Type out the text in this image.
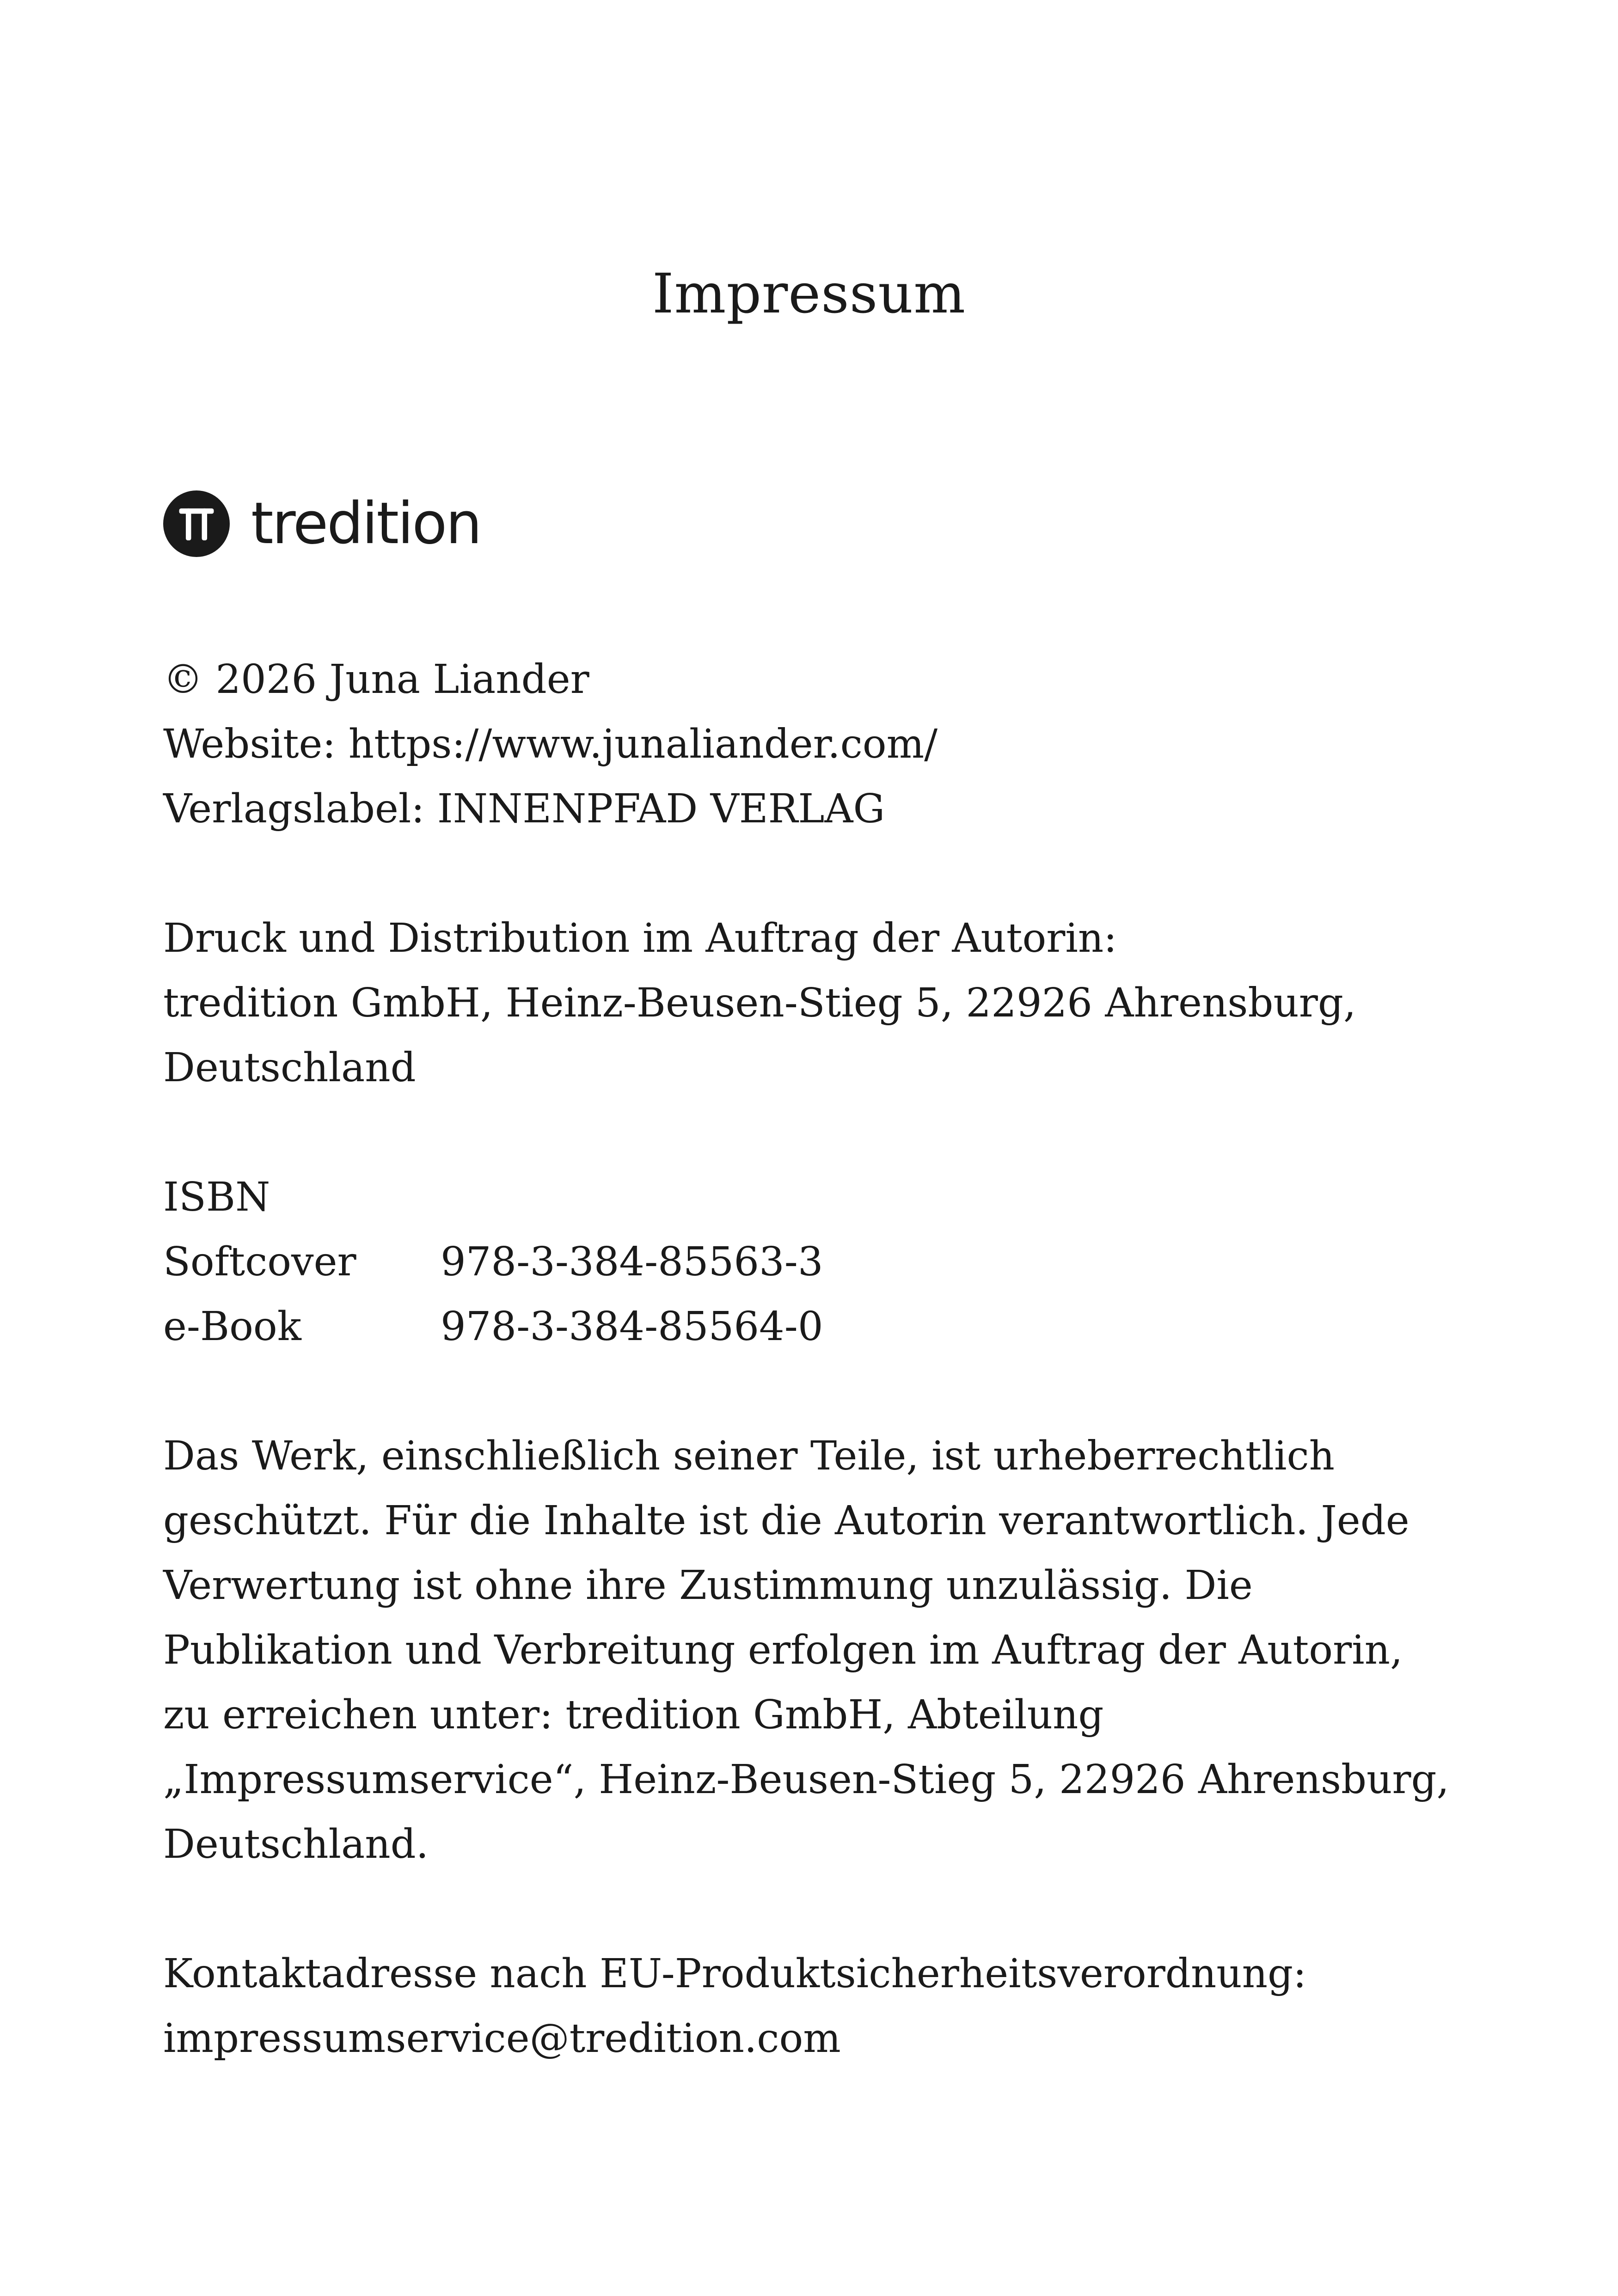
Impressum
tredition
© 2026 Juna Liander
Website: https://www.junaliander.com/
Verlagslabel: INNENPFAD VERLAG
Druck und Distribution im Auftrag der Autorin:
tredition GmbH, Heinz-Beusen-Stieg 5, 22926 Ahrensburg,
Deutschland
ISBN
Softcover	978-3-384-85563-3
e-Book	978-3-384-85564-0
Das Werk, einschließlich seiner Teile, ist urheberrechtlich
geschützt. Für die Inhalte ist die Autorin verantwortlich. Jede
Verwertung ist ohne ihre Zustimmung unzulässig. Die
Publikation und Verbreitung erfolgen im Auftrag der Autorin,
zu erreichen unter: tredition GmbH, Abteilung
„Impressumservice“, Heinz-Beusen-Stieg 5, 22926 Ahrensburg,
Deutschland.
Kontaktadresse nach EU-Produktsicherheitsverordnung:
impressumservice@tredition.com
